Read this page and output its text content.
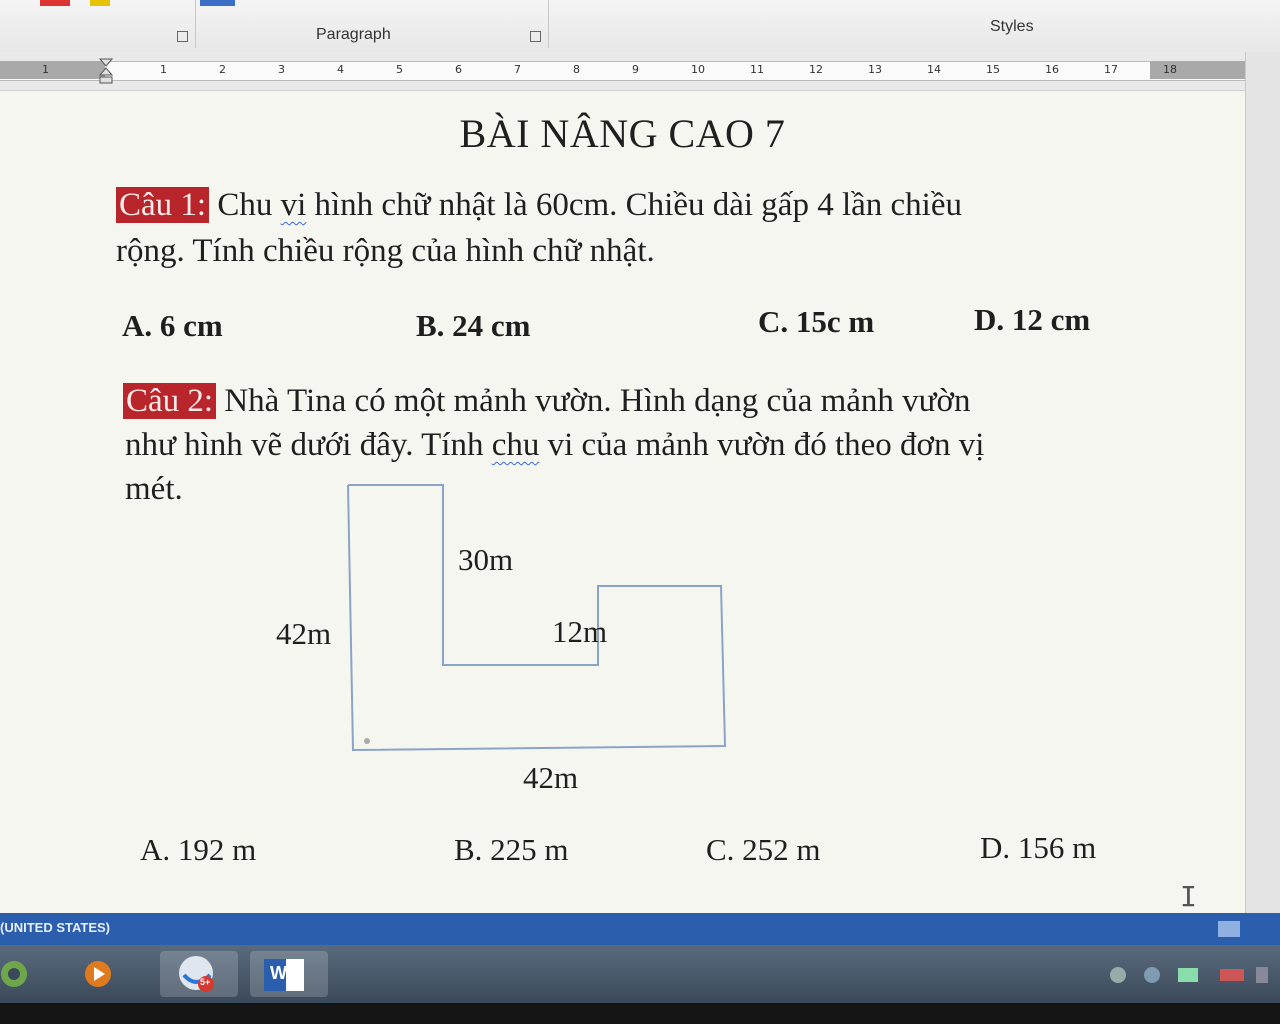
Paragraph	Styles
1	1	2	3	4	5	6	7	8	9	10	11	12	13	14	15	16	17	18
BÀI NÂNG CAO 7
Câu 1: Chu vi hình chữ nhật là 60cm. Chiều dài gấp 4 lần chiều
rộng. Tính chiều rộng của hình chữ nhật.
A. 6 cm	B. 24 cm	C. 15c m	D. 12 cm
Câu 2: Nhà Tina có một mảnh vườn. Hình dạng của mảnh vườn
như hình vẽ dưới đây. Tính chu vi của mảnh vườn đó theo đơn vị
mét.
30m
42m	12m
42m
A. 192 m	B. 225 m	C. 252 m	D. 156 m
I
(UNITED STATES)
5+	W
